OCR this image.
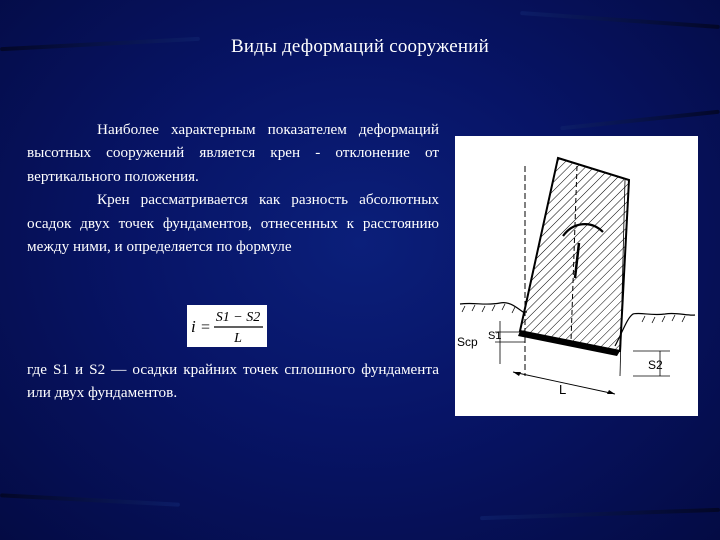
Виды деформаций сооружений

Наиболее характерным показателем деформаций высотных сооружений является крен - отклонение от вертикального положения.

Крен рассматривается как разность абсолютных осадок двух точек фундаментов, отнесенных к расстоянию между ними, и определяется по формуле

i =
S1 − S2
L

где S1 и S2 — осадки крайних точек сплошного фундамента или двух фундаментов.

Sср S1
S2
L
l
